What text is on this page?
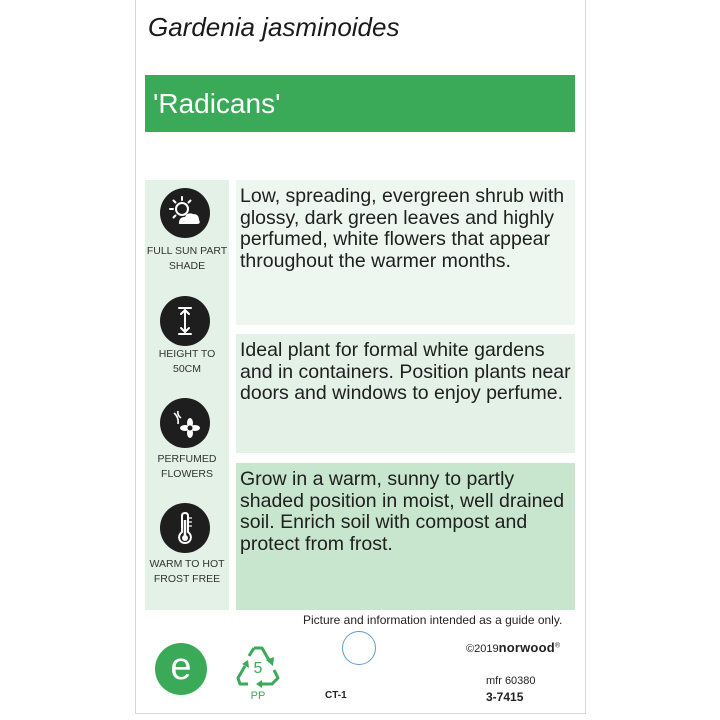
Gardenia jasminoides
'Radicans'
FULL SUN PART SHADE
HEIGHT TO 50CM
PERFUMED FLOWERS
WARM TO HOT FROST FREE
Low, spreading, evergreen shrub with glossy, dark green leaves and highly perfumed, white flowers that appear throughout the warmer months.
Ideal plant for formal white gardens and in containers. Position plants near doors and windows to enjoy perfume.
Grow in a warm, sunny to partly shaded position in moist, well drained soil. Enrich soil with compost and protect from frost.
Picture and information intended as a guide only.
e	5
PP	CT-1
©2019norwood®
mfr 60380
3-7415
